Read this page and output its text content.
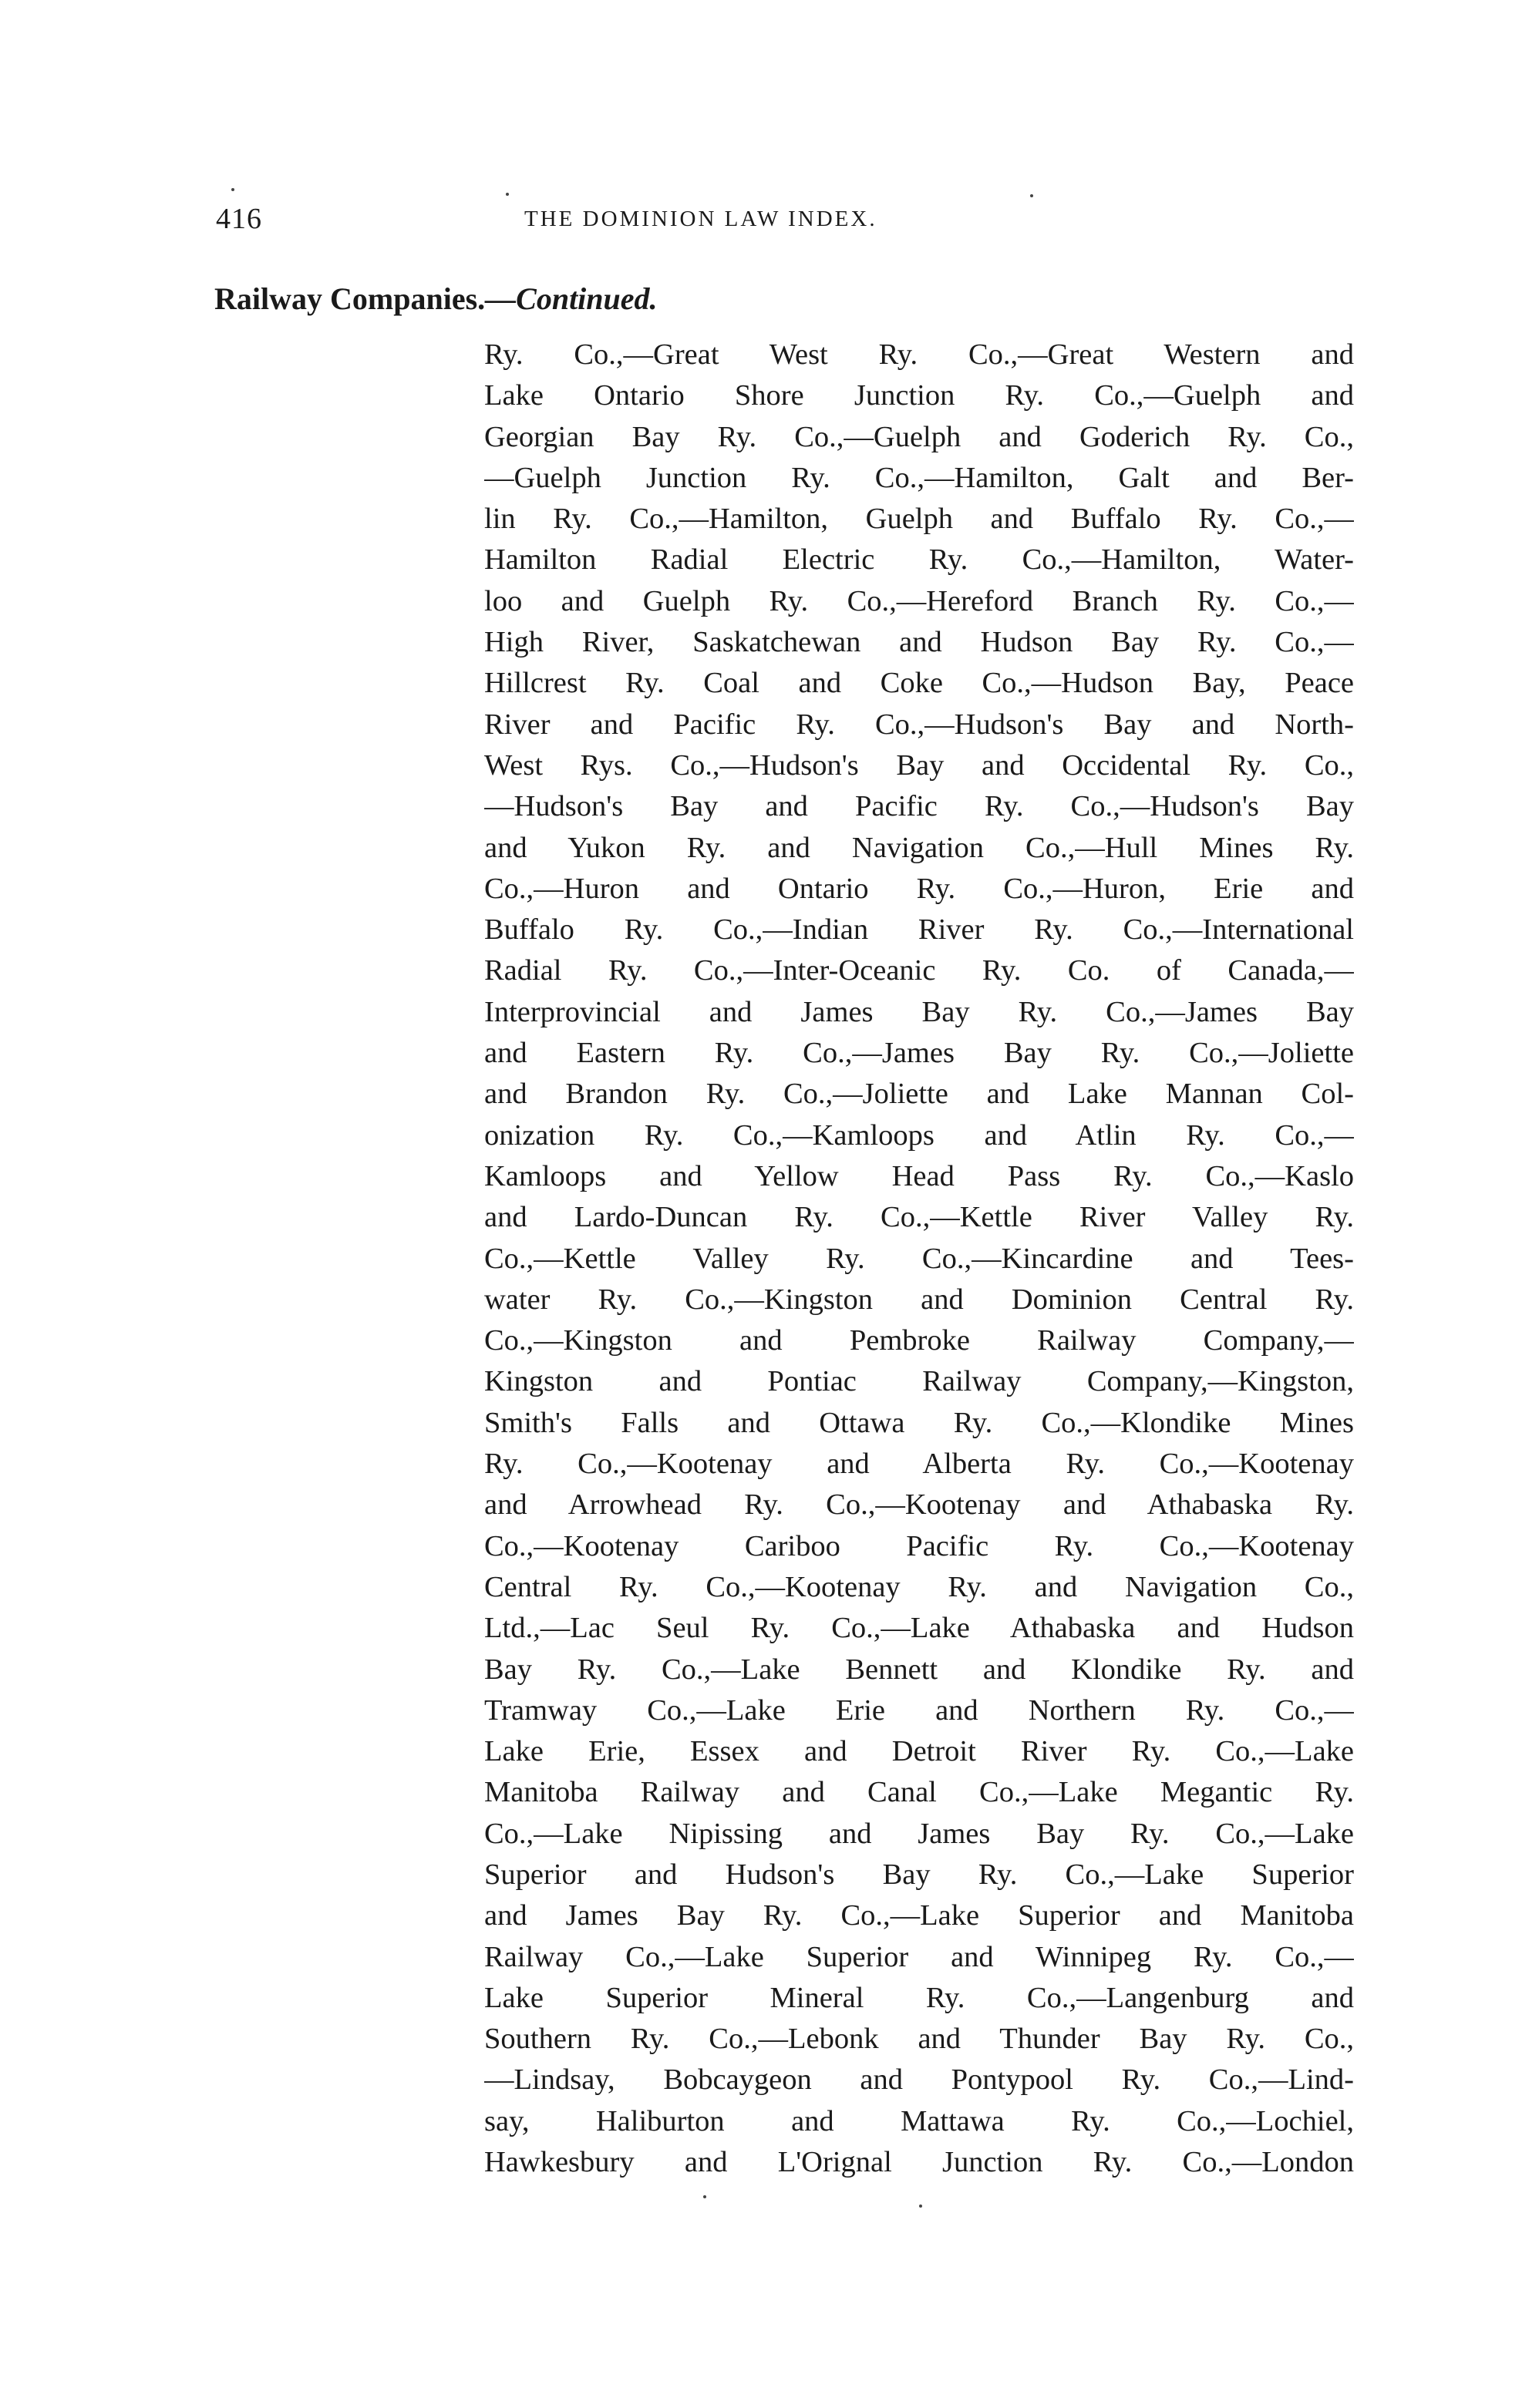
416	THE DOMINION LAW INDEX.
Railway Companies.—Continued.
Ry. Co.,—Great West Ry. Co.,—Great Western and
Lake Ontario Shore Junction Ry. Co.,—Guelph and
Georgian Bay Ry. Co.,—Guelph and Goderich Ry. Co.,
—Guelph Junction Ry. Co.,—Hamilton, Galt and Ber-
lin Ry. Co.,—Hamilton, Guelph and Buffalo Ry. Co.,—
Hamilton Radial Electric Ry. Co.,—Hamilton, Water-
loo and Guelph Ry. Co.,—Hereford Branch Ry. Co.,—
High River, Saskatchewan and Hudson Bay Ry. Co.,—
Hillcrest Ry. Coal and Coke Co.,—Hudson Bay, Peace
River and Pacific Ry. Co.,—Hudson's Bay and North-
West Rys. Co.,—Hudson's Bay and Occidental Ry. Co.,
—Hudson's Bay and Pacific Ry. Co.,—Hudson's Bay
and Yukon Ry. and Navigation Co.,—Hull Mines Ry.
Co.,—Huron and Ontario Ry. Co.,—Huron, Erie and
Buffalo Ry. Co.,—Indian River Ry. Co.,—International
Radial Ry. Co.,—Inter-Oceanic Ry. Co. of Canada,—
Interprovincial and James Bay Ry. Co.,—James Bay
and Eastern Ry. Co.,—James Bay Ry. Co.,—Joliette
and Brandon Ry. Co.,—Joliette and Lake Mannan Col-
onization Ry. Co.,—Kamloops and Atlin Ry. Co.,—
Kamloops and Yellow Head Pass Ry. Co.,—Kaslo
and Lardo-Duncan Ry. Co.,—Kettle River Valley Ry.
Co.,—Kettle Valley Ry. Co.,—Kincardine and Tees-
water Ry. Co.,—Kingston and Dominion Central Ry.
Co.,—Kingston and Pembroke Railway Company,—
Kingston and Pontiac Railway Company,—Kingston,
Smith's Falls and Ottawa Ry. Co.,—Klondike Mines
Ry. Co.,—Kootenay and Alberta Ry. Co.,—Kootenay
and Arrowhead Ry. Co.,—Kootenay and Athabaska Ry.
Co.,—Kootenay Cariboo Pacific Ry. Co.,—Kootenay
Central Ry. Co.,—Kootenay Ry. and Navigation Co.,
Ltd.,—Lac Seul Ry. Co.,—Lake Athabaska and Hudson
Bay Ry. Co.,—Lake Bennett and Klondike Ry. and
Tramway Co.,—Lake Erie and Northern Ry. Co.,—
Lake Erie, Essex and Detroit River Ry. Co.,—Lake
Manitoba Railway and Canal Co.,—Lake Megantic Ry.
Co.,—Lake Nipissing and James Bay Ry. Co.,—Lake
Superior and Hudson's Bay Ry. Co.,—Lake Superior
and James Bay Ry. Co.,—Lake Superior and Manitoba
Railway Co.,—Lake Superior and Winnipeg Ry. Co.,—
Lake Superior Mineral Ry. Co.,—Langenburg and
Southern Ry. Co.,—Lebonk and Thunder Bay Ry. Co.,
—Lindsay, Bobcaygeon and Pontypool Ry. Co.,—Lind-
say, Haliburton and Mattawa Ry. Co.,—Lochiel,
Hawkesbury and L'Orignal Junction Ry. Co.,—London
